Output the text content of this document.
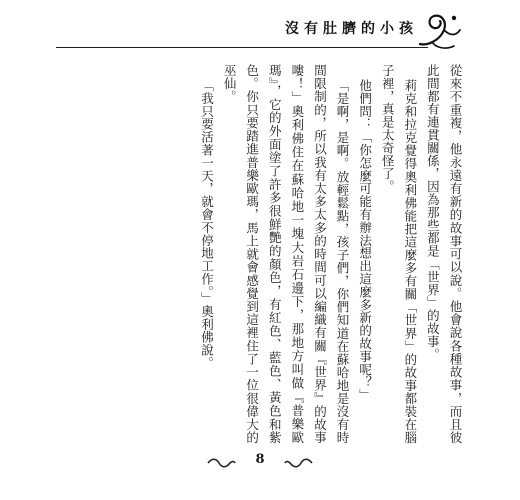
沒有肚臍的小孩

從來不重複，他永遠有新的故事可以說。他會說各種故事，而且彼此間都有連貫關係，因為那些都是「世界」的故事。

莉克和拉克覺得奧利佛能把這麼多有關「世界」的故事都裝在腦子裡，真是太奇怪了。

他們問：「你怎麼可能有辦法想出這麼多新的故事呢？」

「是啊，是啊。放輕鬆點，孩子們，你們知道在蘇哈地是沒有時間限制的，所以我有太多太多的時間可以編織有關『世界』的故事嘍！」奧利佛住在蘇哈地一塊大岩石邊下，那地方叫做『普樂歐瑪』，它的外面塗了許多很鮮艷的顏色，有紅色、藍色、黃色和紫色。你只要踏進普樂歐瑪，馬上就會感覺到這裡住了一位很偉大的巫仙。

「我只要活著一天，就會不停地工作。」奧利佛說。

8
